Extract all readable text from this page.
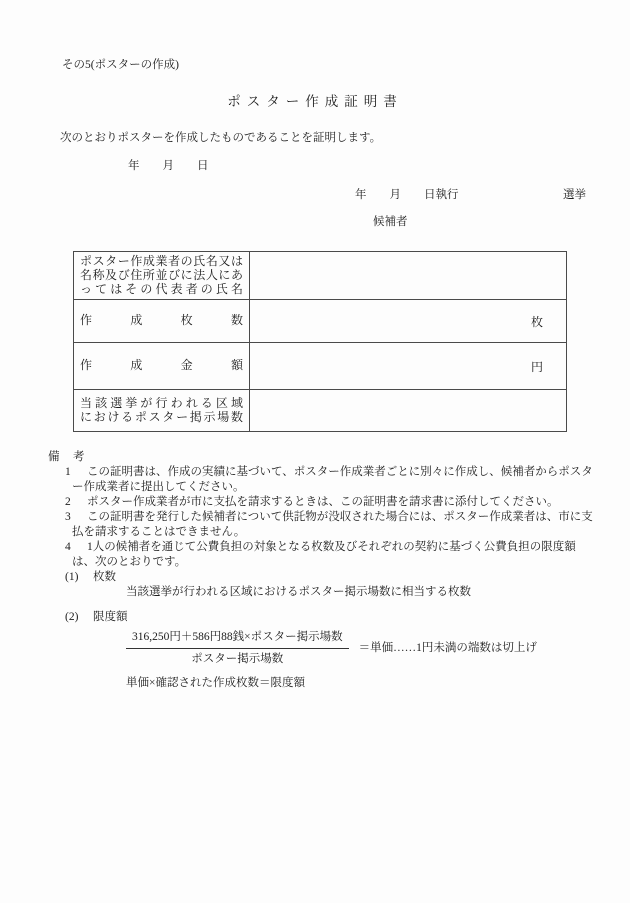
その5(ポスターの作成)
ポスター作成証明書
次のとおりポスターを作成したものであることを証明します。
年　　月　　日
年　　月　　日執行	選挙
候補者
ポスター作成業者の氏名又は
名称及び住所並びに法人にあ
ってはその代表者の氏名
作成枚数	枚
作成金額	円
当該選挙が行われる区域
におけるポスター掲示場数
備　考
1 この証明書は、作成の実績に基づいて、ポスター作成業者ごとに別々に作成し、候補者からポスター作成業者に提出してください。
2 ポスター作成業者が市に支払を請求するときは、この証明書を請求書に添付してください。
3 この証明書を発行した候補者について供託物が没収された場合には、ポスター作成業者は、市に支払を請求することはできません。
4 1人の候補者を通じて公費負担の対象となる枚数及びそれぞれの契約に基づく公費負担の限度額は、次のとおりです。
(1) 枚数
当該選挙が行われる区域におけるポスター掲示場数に相当する枚数
(2) 限度額
$\frac{\text{316,250円＋586円88銭×ポスター掲示場数}}{\text{ポスター掲示場数}}$ ＝単価……1円未満の端数は切上げ
単価×確認された作成枚数＝限度額
